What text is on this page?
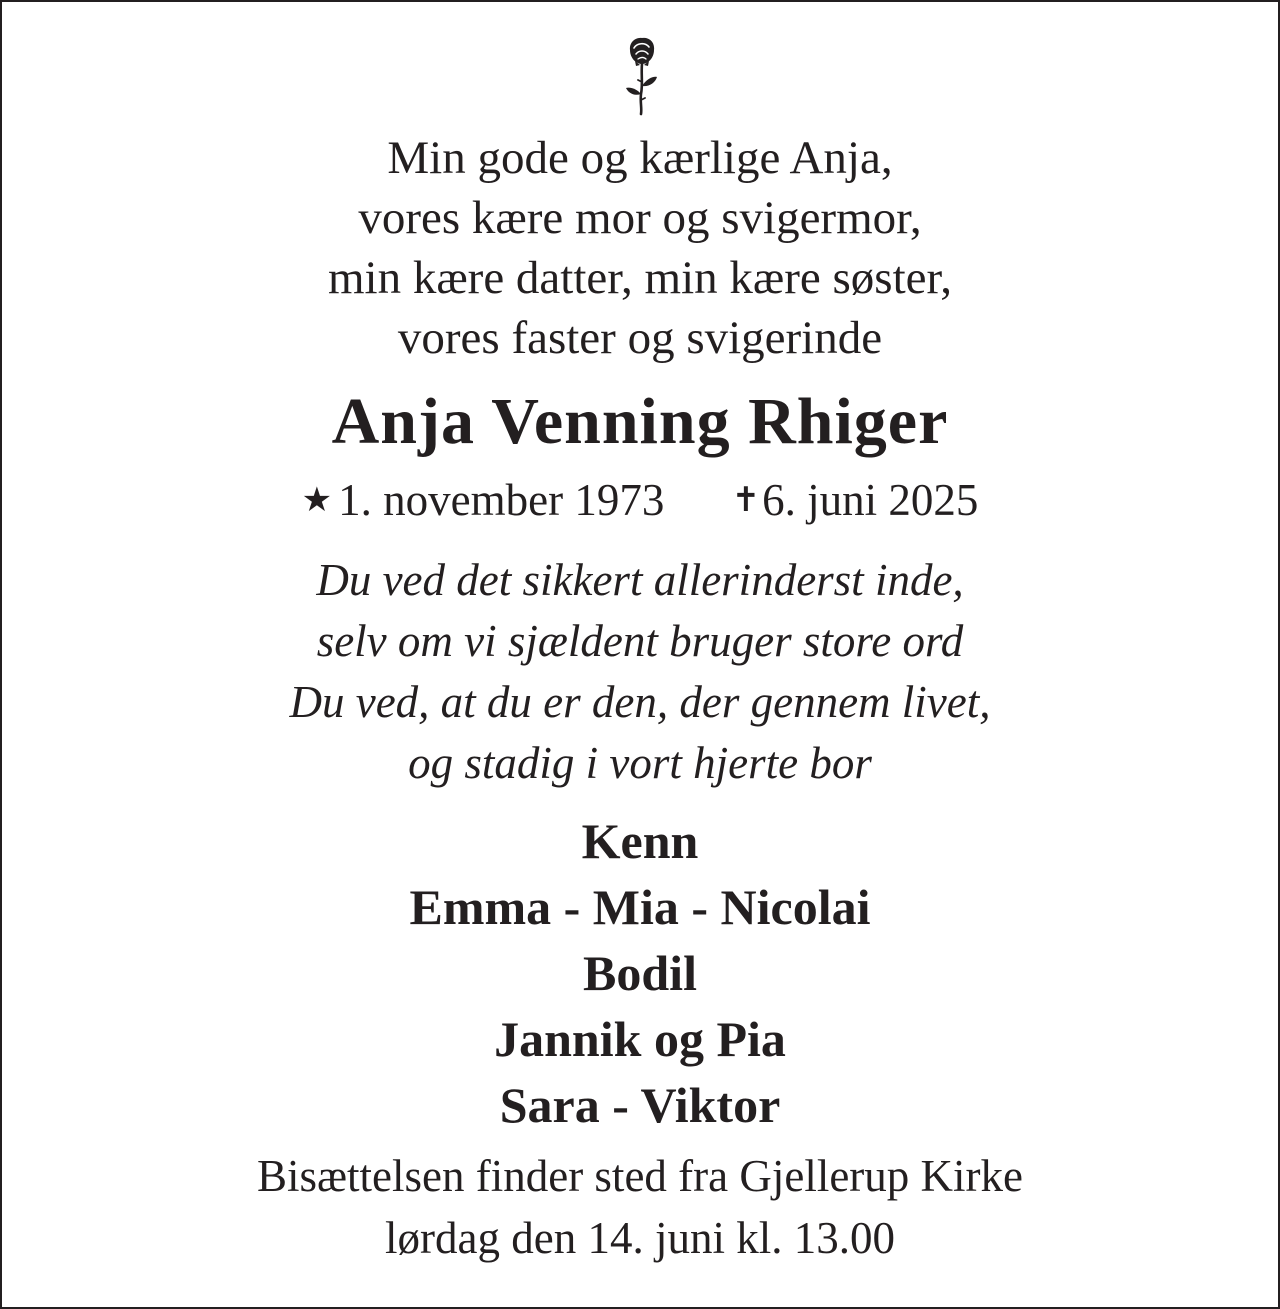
Min gode og kærlige Anja,
vores kære mor og svigermor,
min kære datter, min kære søster,
vores faster og svigerinde
Anja Venning Rhiger
★ 1. november 1973 ✝6. juni 2025
Du ved det sikkert allerinderst inde,
selv om vi sjældent bruger store ord
Du ved, at du er den, der gennem livet,
og stadig i vort hjerte bor
Kenn
Emma - Mia - Nicolai
Bodil
Jannik og Pia
Sara - Viktor
Bisættelsen finder sted fra Gjellerup Kirke
lørdag den 14. juni kl. 13.00
